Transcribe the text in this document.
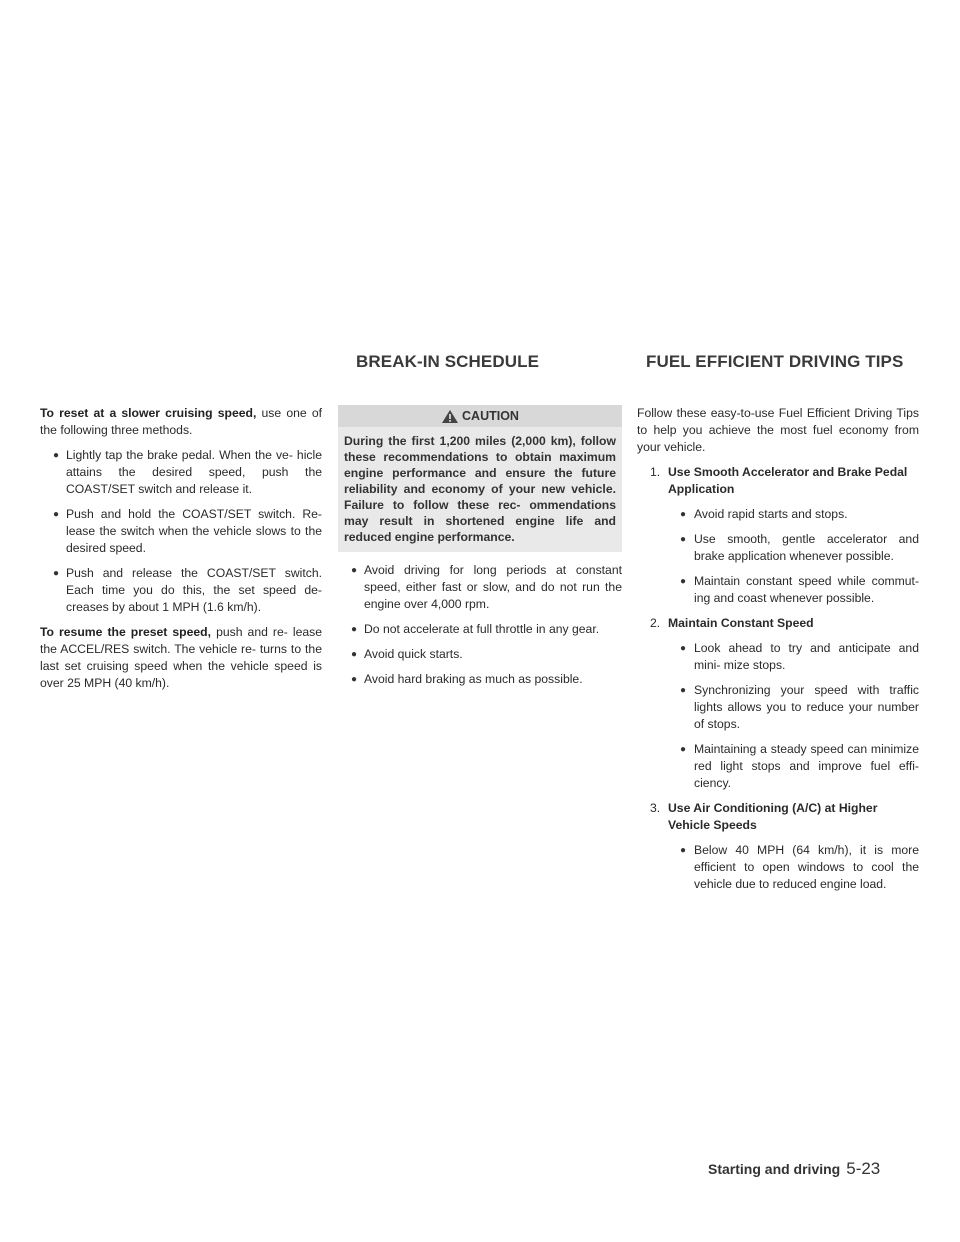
BREAK-IN SCHEDULE	FUEL EFFICIENT DRIVING TIPS

To reset at a slower cruising speed, use one of the following three methods.

● Lightly tap the brake pedal. When the ve- hicle attains the desired speed, push the COAST/SET switch and release it.
● Push and hold the COAST/SET switch. Re- lease the switch when the vehicle slows to the desired speed.
● Push and release the COAST/SET switch. Each time you do this, the set speed de- creases by about 1 MPH (1.6 km/h).

To resume the preset speed, push and re- lease the ACCEL/RES switch. The vehicle re- turns to the last set cruising speed when the vehicle speed is over 25 MPH (40 km/h).

CAUTION
During the first 1,200 miles (2,000 km), follow these recommendations to obtain maximum engine performance and ensure the future reliability and economy of your new vehicle. Failure to follow these rec- ommendations may result in shortened engine life and reduced engine performance.
● Avoid driving for long periods at constant speed, either fast or slow, and do not run the engine over 4,000 rpm.
● Do not accelerate at full throttle in any gear.
● Avoid quick starts.
● Avoid hard braking as much as possible.

Follow these easy-to-use Fuel Efficient Driving Tips to help you achieve the most fuel economy from your vehicle.

1. Use Smooth Accelerator and Brake Pedal Application
● Avoid rapid starts and stops.
● Use smooth, gentle accelerator and brake application whenever possible.
● Maintain constant speed while commut- ing and coast whenever possible.
2. Maintain Constant Speed
● Look ahead to try and anticipate and mini- mize stops.
● Synchronizing your speed with traffic lights allows you to reduce your number of stops.
● Maintaining a steady speed can minimize red light stops and improve fuel effi- ciency.
3. Use Air Conditioning (A/C) at Higher Vehicle Speeds
● Below 40 MPH (64 km/h), it is more efficient to open windows to cool the vehicle due to reduced engine load.
Starting and driving 5-23
